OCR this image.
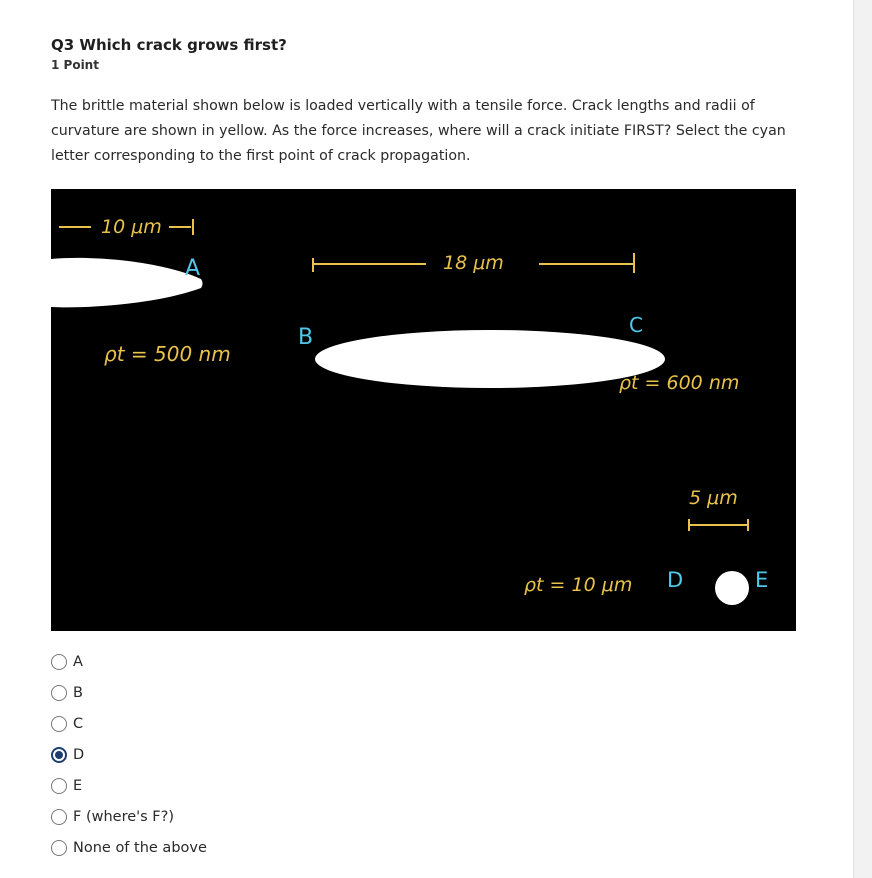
Q3 Which crack grows first?
1 Point
The brittle material shown below is loaded vertically with a tensile force. Crack lengths and radii of curvature are shown in yellow. As the force increases, where will a crack initiate FIRST? Select the cyan letter corresponding to the first point of crack propagation.
10 μm
18 μm
5 μm
ρt = 500 nm
ρt = 600 nm
ρt = 10 μm
A
B	C
D	E
A
B
C
D
E
F (where's F?)
None of the above
